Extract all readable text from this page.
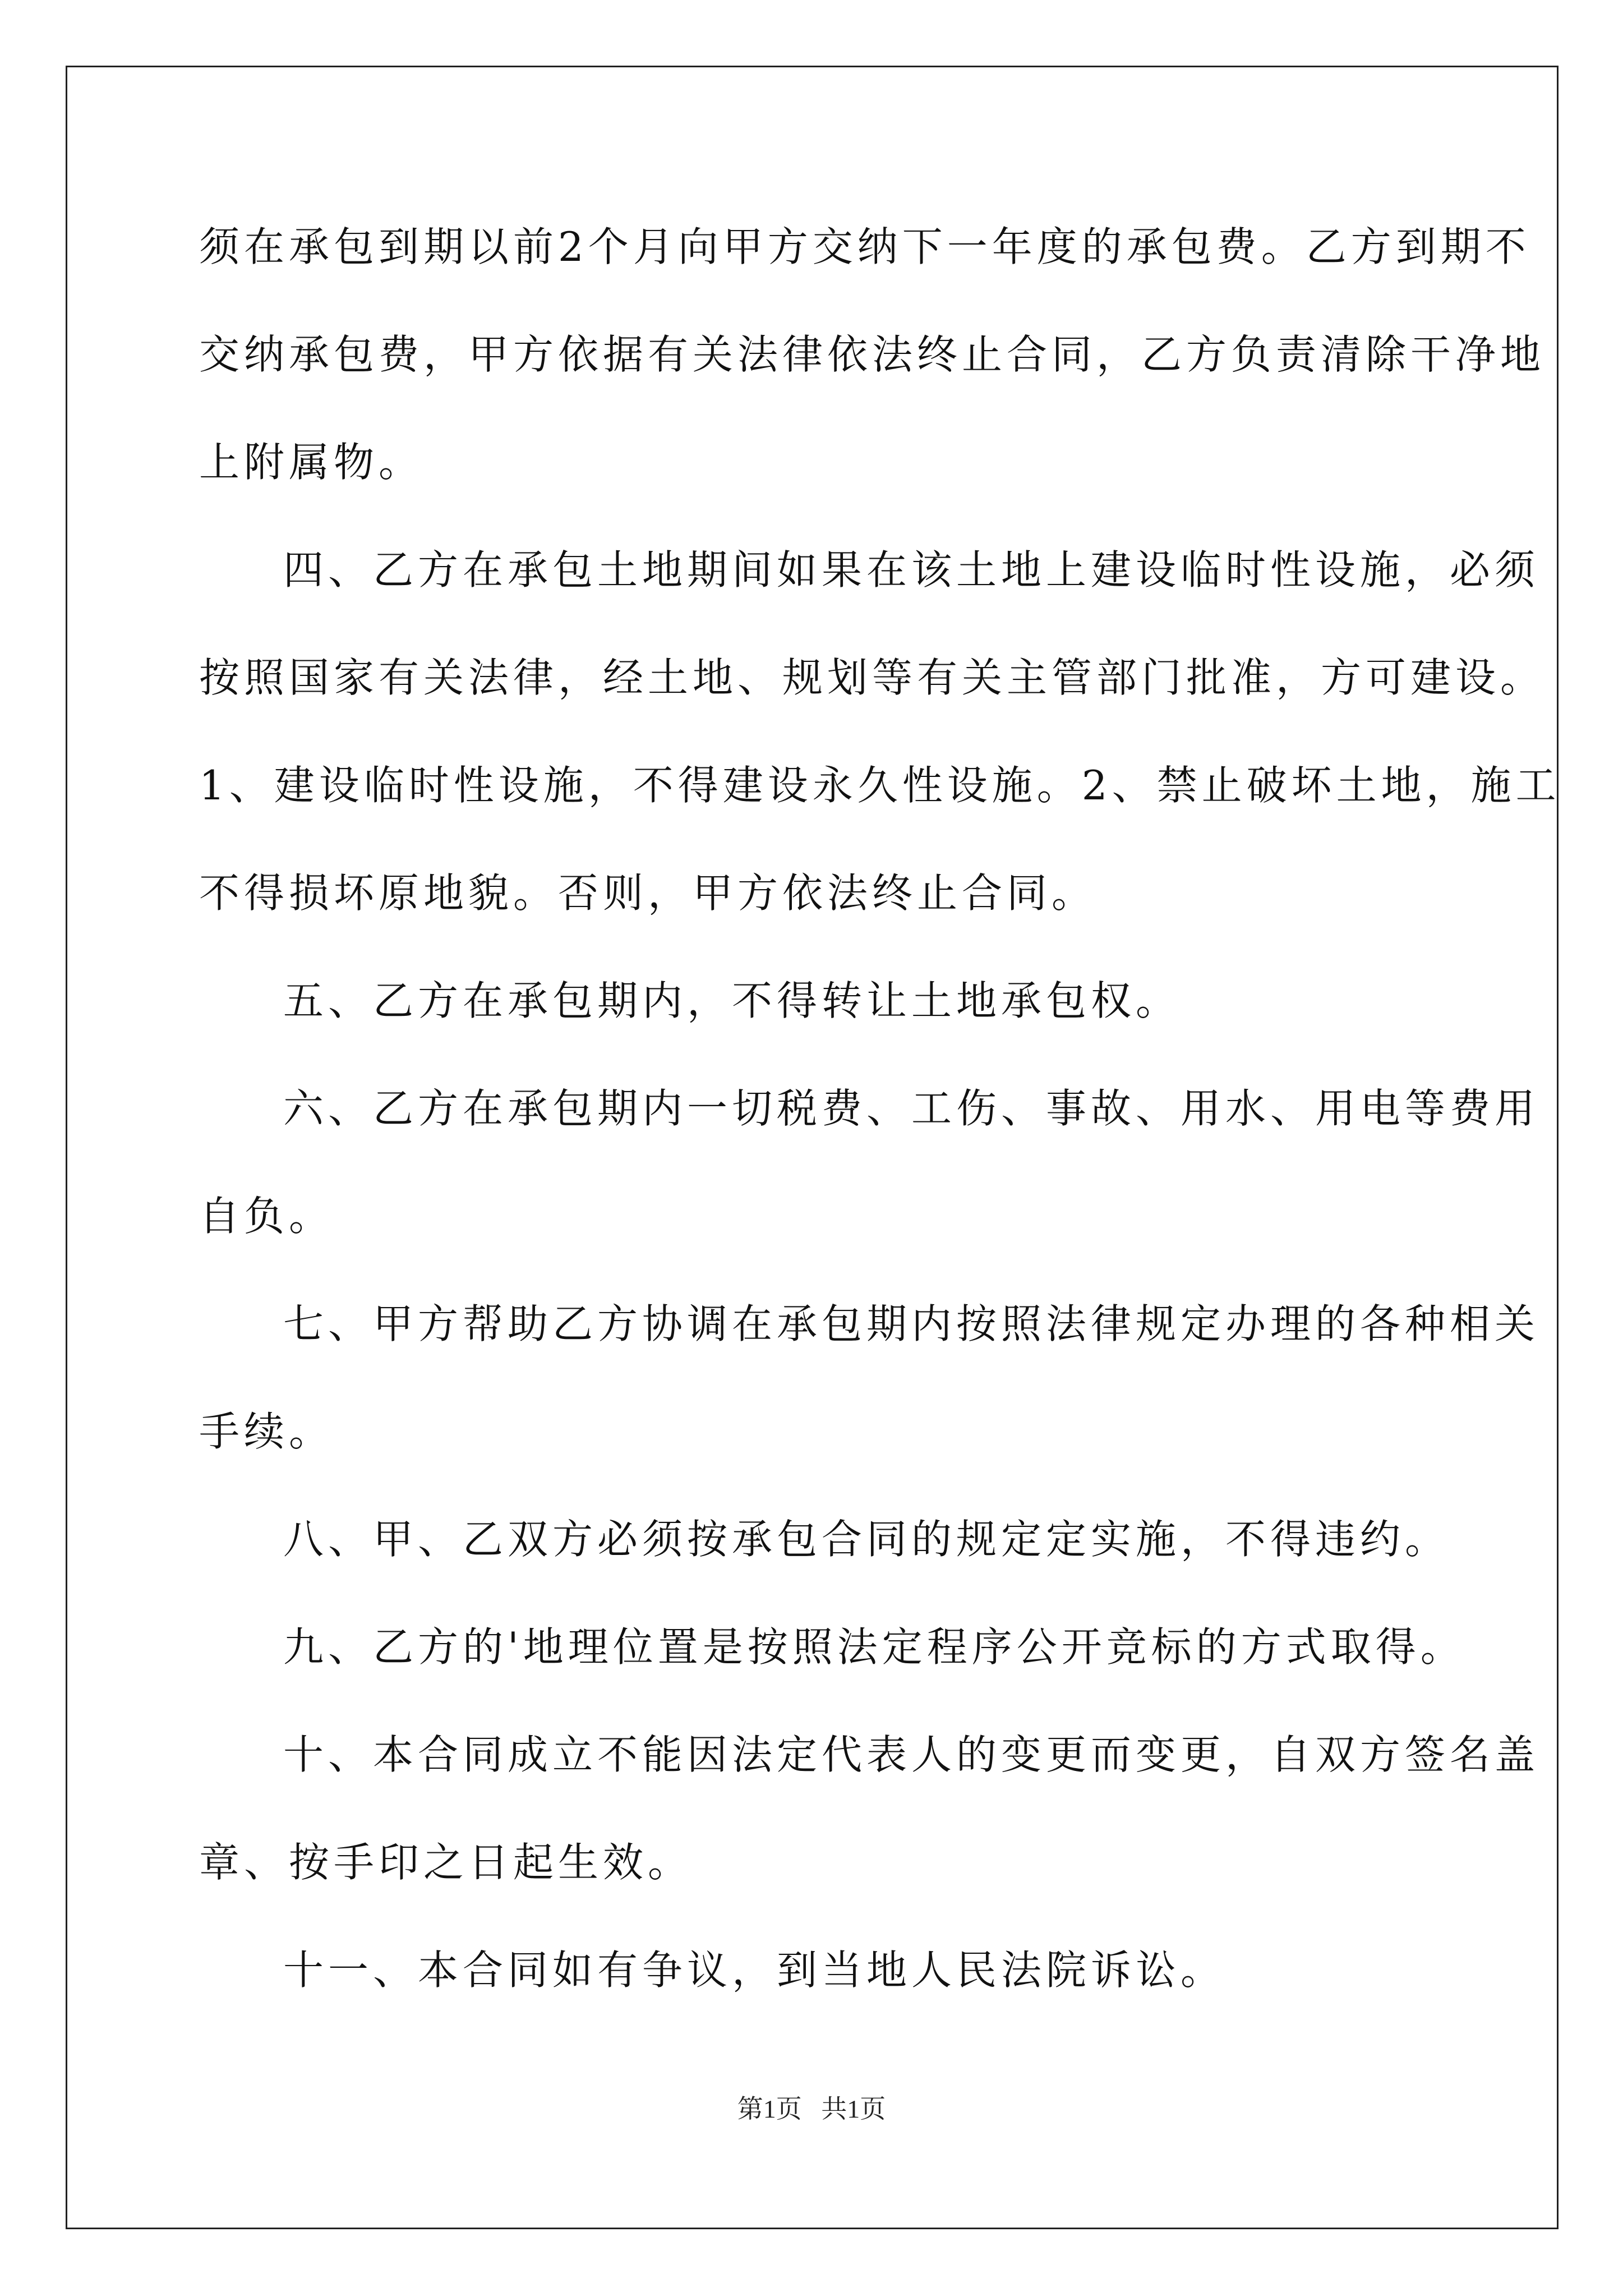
须在承包到期以前2个月向甲方交纳下一年度的承包费。乙方到期不
交纳承包费，甲方依据有关法律依法终止合同，乙方负责清除干净地
上附属物。
四、乙方在承包土地期间如果在该土地上建设临时性设施，必须
按照国家有关法律，经土地、规划等有关主管部门批准，方可建设。
1、建设临时性设施，不得建设永久性设施。2、禁止破坏土地，施工
不得损坏原地貌。否则，甲方依法终止合同。
五、乙方在承包期内，不得转让土地承包权。
六、乙方在承包期内一切税费、工伤、事故、用水、用电等费用
自负。
七、甲方帮助乙方协调在承包期内按照法律规定办理的各种相关
手续。
八、甲、乙双方必须按承包合同的规定定实施，不得违约。
九、乙方的'地理位置是按照法定程序公开竞标的方式取得。
十、本合同成立不能因法定代表人的变更而变更，自双方签名盖
章、按手印之日起生效。
十一、本合同如有争议，到当地人民法院诉讼。
第1页   共1页
